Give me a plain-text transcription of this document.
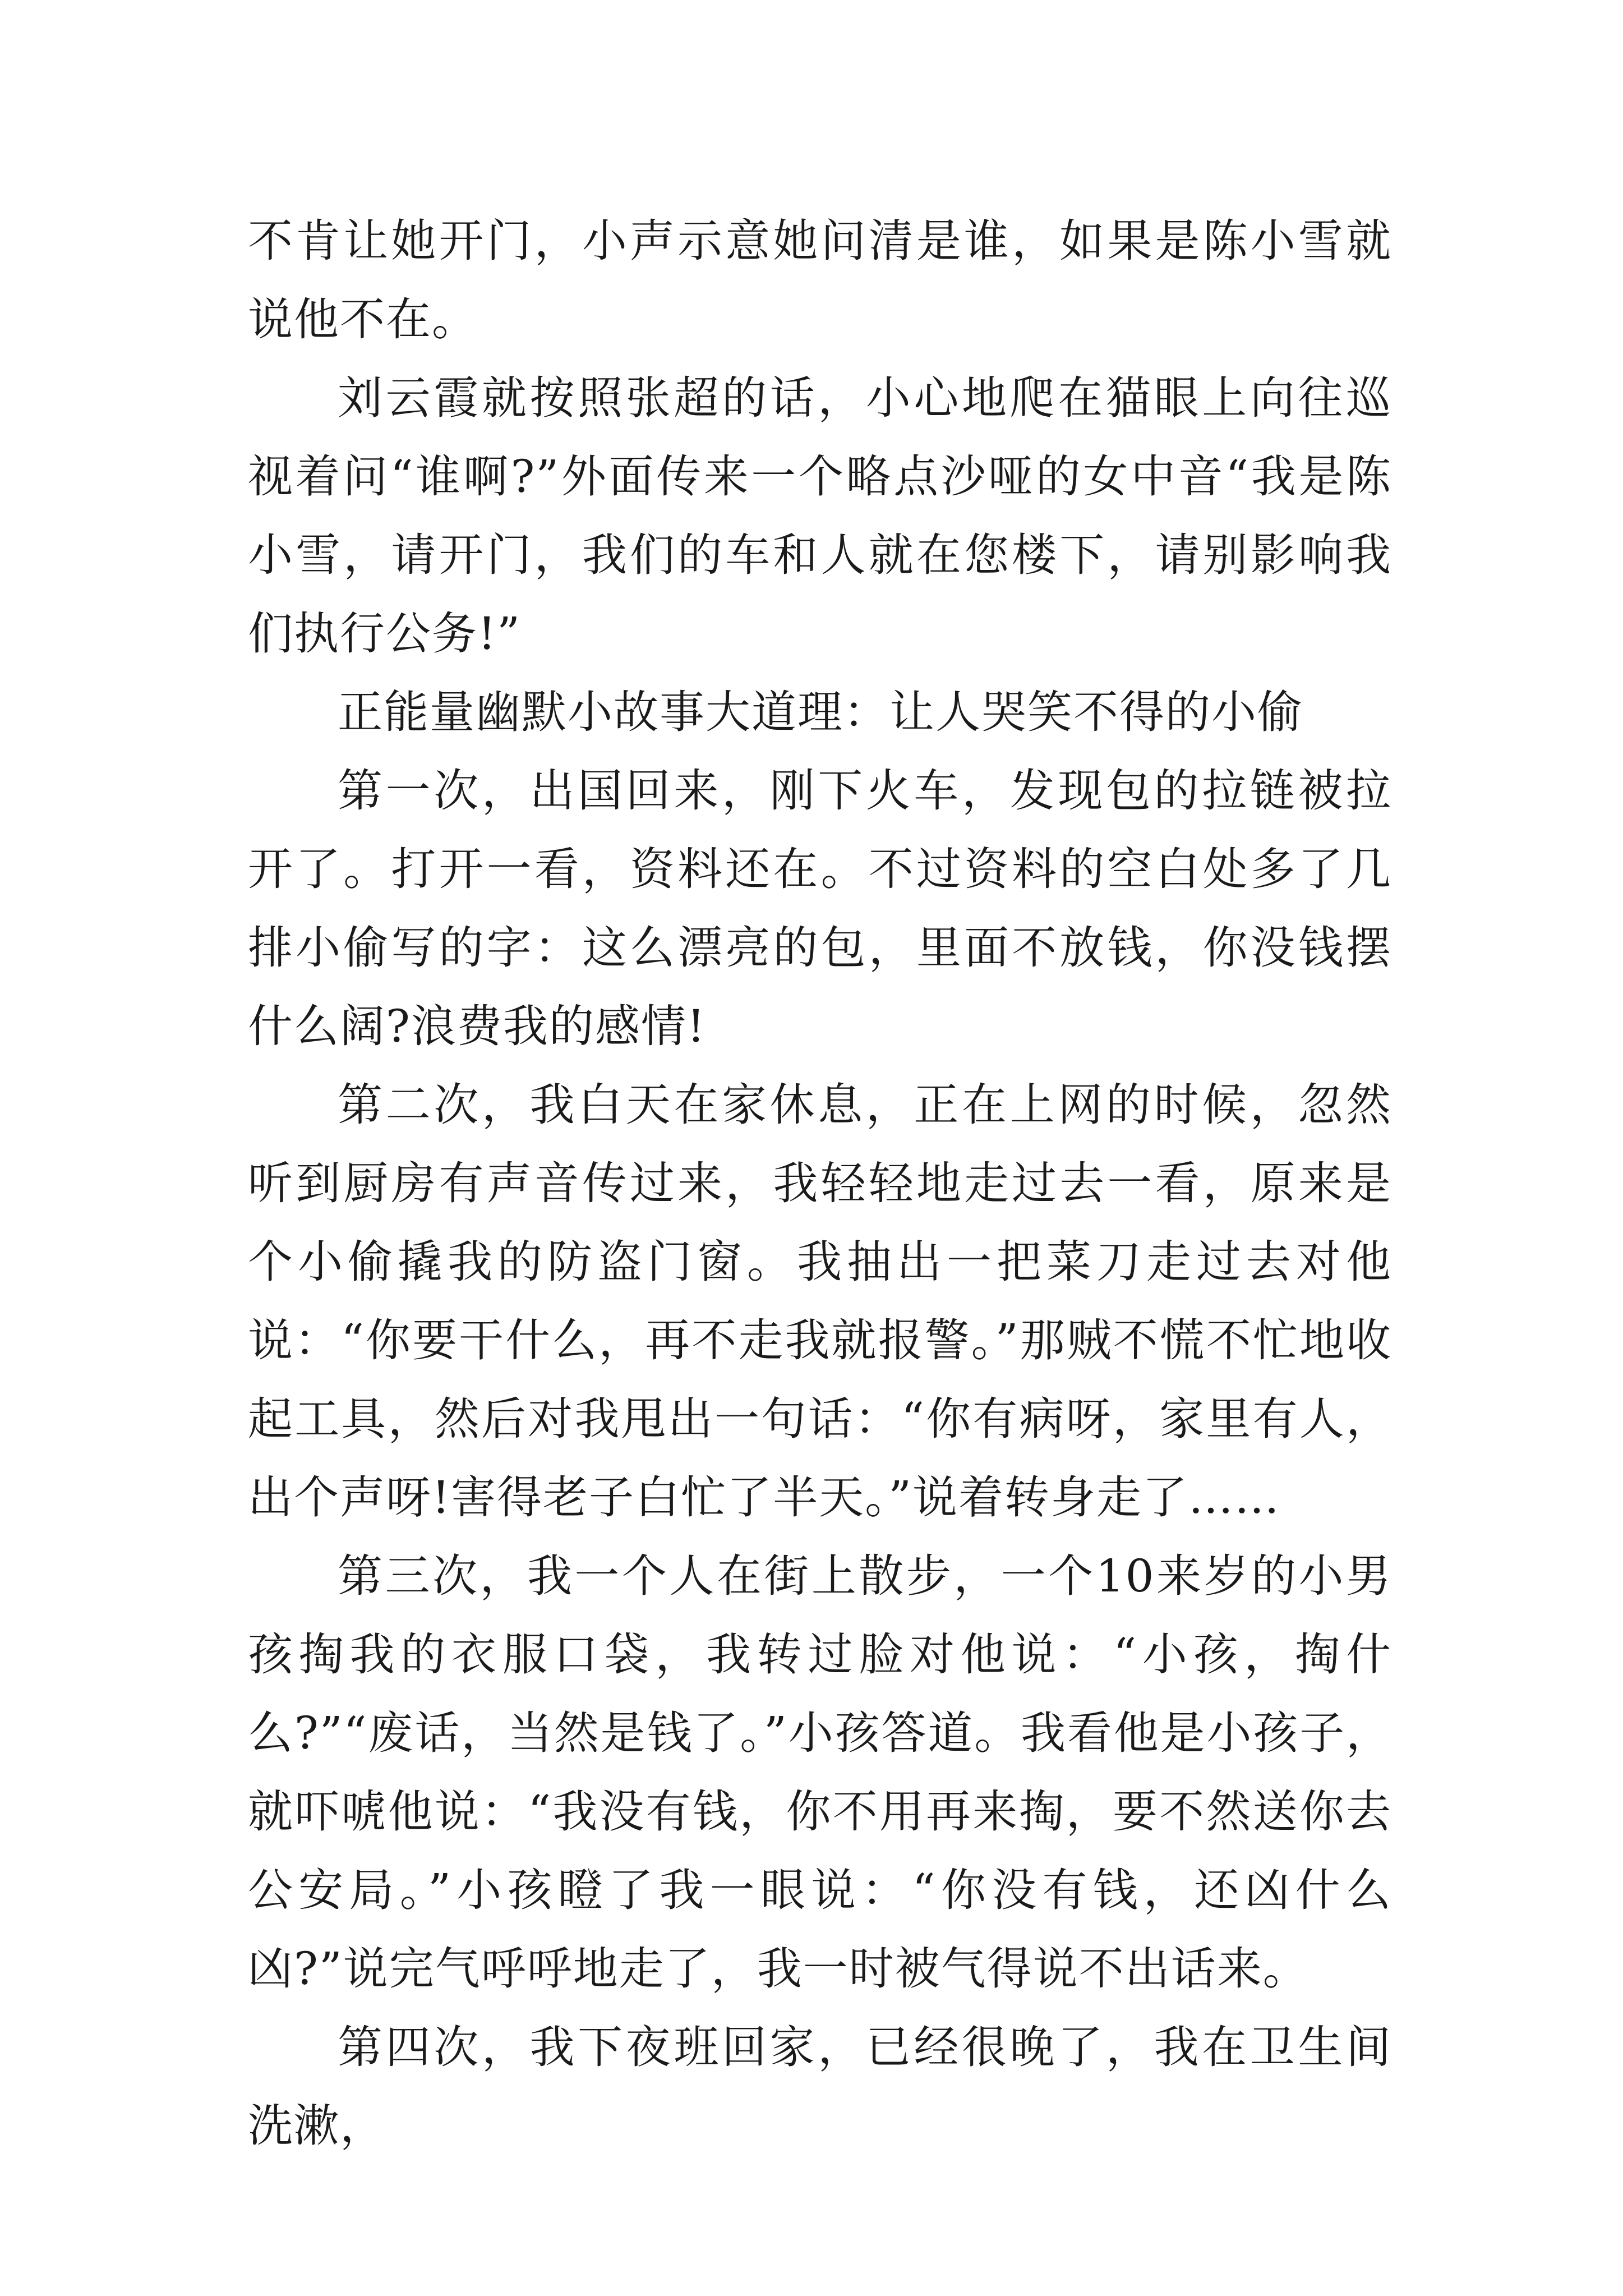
不肯让她开门，小声示意她问清是谁，如果是陈小雪就说他不在。

刘云霞就按照张超的话，小心地爬在猫眼上向往巡视着问“谁啊?”外面传来一个略点沙哑的女中音“我是陈小雪，请开门，我们的车和人就在您楼下，请别影响我们执行公务!”

正能量幽默小故事大道理：让人哭笑不得的小偷

第一次，出国回来，刚下火车，发现包的拉链被拉开了。打开一看，资料还在。不过资料的空白处多了几排小偷写的字：这么漂亮的包，里面不放钱，你没钱摆什么阔?浪费我的感情!

第二次，我白天在家休息，正在上网的时候，忽然听到厨房有声音传过来，我轻轻地走过去一看，原来是个小偷撬我的防盗门窗。我抽出一把菜刀走过去对他说：“你要干什么，再不走我就报警。”那贼不慌不忙地收起工具，然后对我甩出一句话：“你有病呀，家里有人，出个声呀!害得老子白忙了半天。”说着转身走了……

第三次，我一个人在街上散步，一个10来岁的小男孩掏我的衣服口袋，我转过脸对他说：“小孩，掏什么?”“废话，当然是钱了。”小孩答道。我看他是小孩子，就吓唬他说：“我没有钱，你不用再来掏，要不然送你去公安局。”小孩瞪了我一眼说：“你没有钱，还凶什么凶?”说完气呼呼地走了，我一时被气得说不出话来。

第四次，我下夜班回家，已经很晚了，我在卫生间洗漱，
